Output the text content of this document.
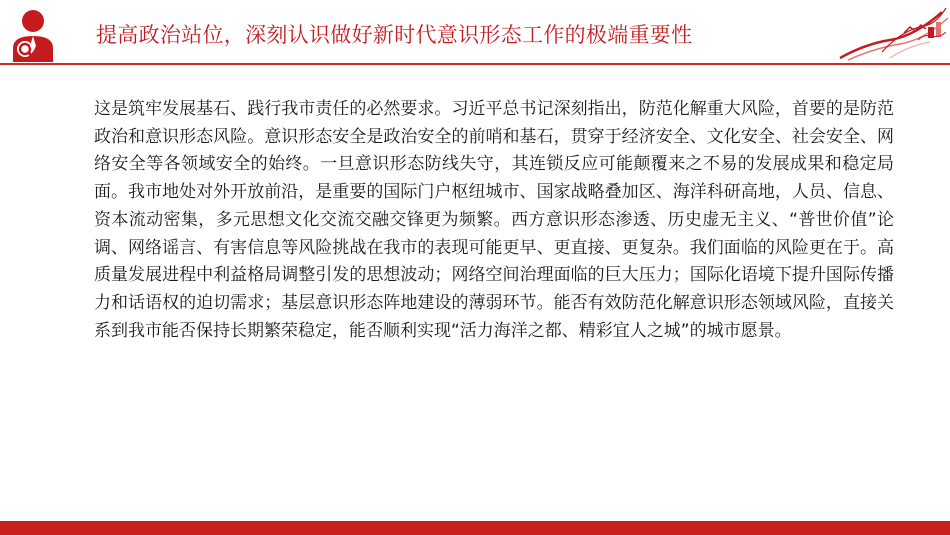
提高政治站位，深刻认识做好新时代意识形态工作的极端重要性

这是筑牢发展基石、践行我市责任的必然要求。习近平总书记深刻指出，防范化解重大风险，首要的是防范政治和意识形态风险。意识形态安全是政治安全的前哨和基石，贯穿于经济安全、文化安全、社会安全、网络安全等各领域安全的始终。一旦意识形态防线失守，其连锁反应可能颠覆来之不易的发展成果和稳定局面。我市地处对外开放前沿，是重要的国际门户枢纽城市、国家战略叠加区、海洋科研高地，人员、信息、资本流动密集，多元思想文化交流交融交锋更为频繁。西方意识形态渗透、历史虚无主义、“普世价值”论调、网络谣言、有害信息等风险挑战在我市的表现可能更早、更直接、更复杂。我们面临的风险更在于。高质量发展进程中利益格局调整引发的思想波动；网络空间治理面临的巨大压力；国际化语境下提升国际传播力和话语权的迫切需求；基层意识形态阵地建设的薄弱环节。能否有效防范化解意识形态领域风险，直接关系到我市能否保持长期繁荣稳定，能否顺利实现“活力海洋之都、精彩宜人之城”的城市愿景。
